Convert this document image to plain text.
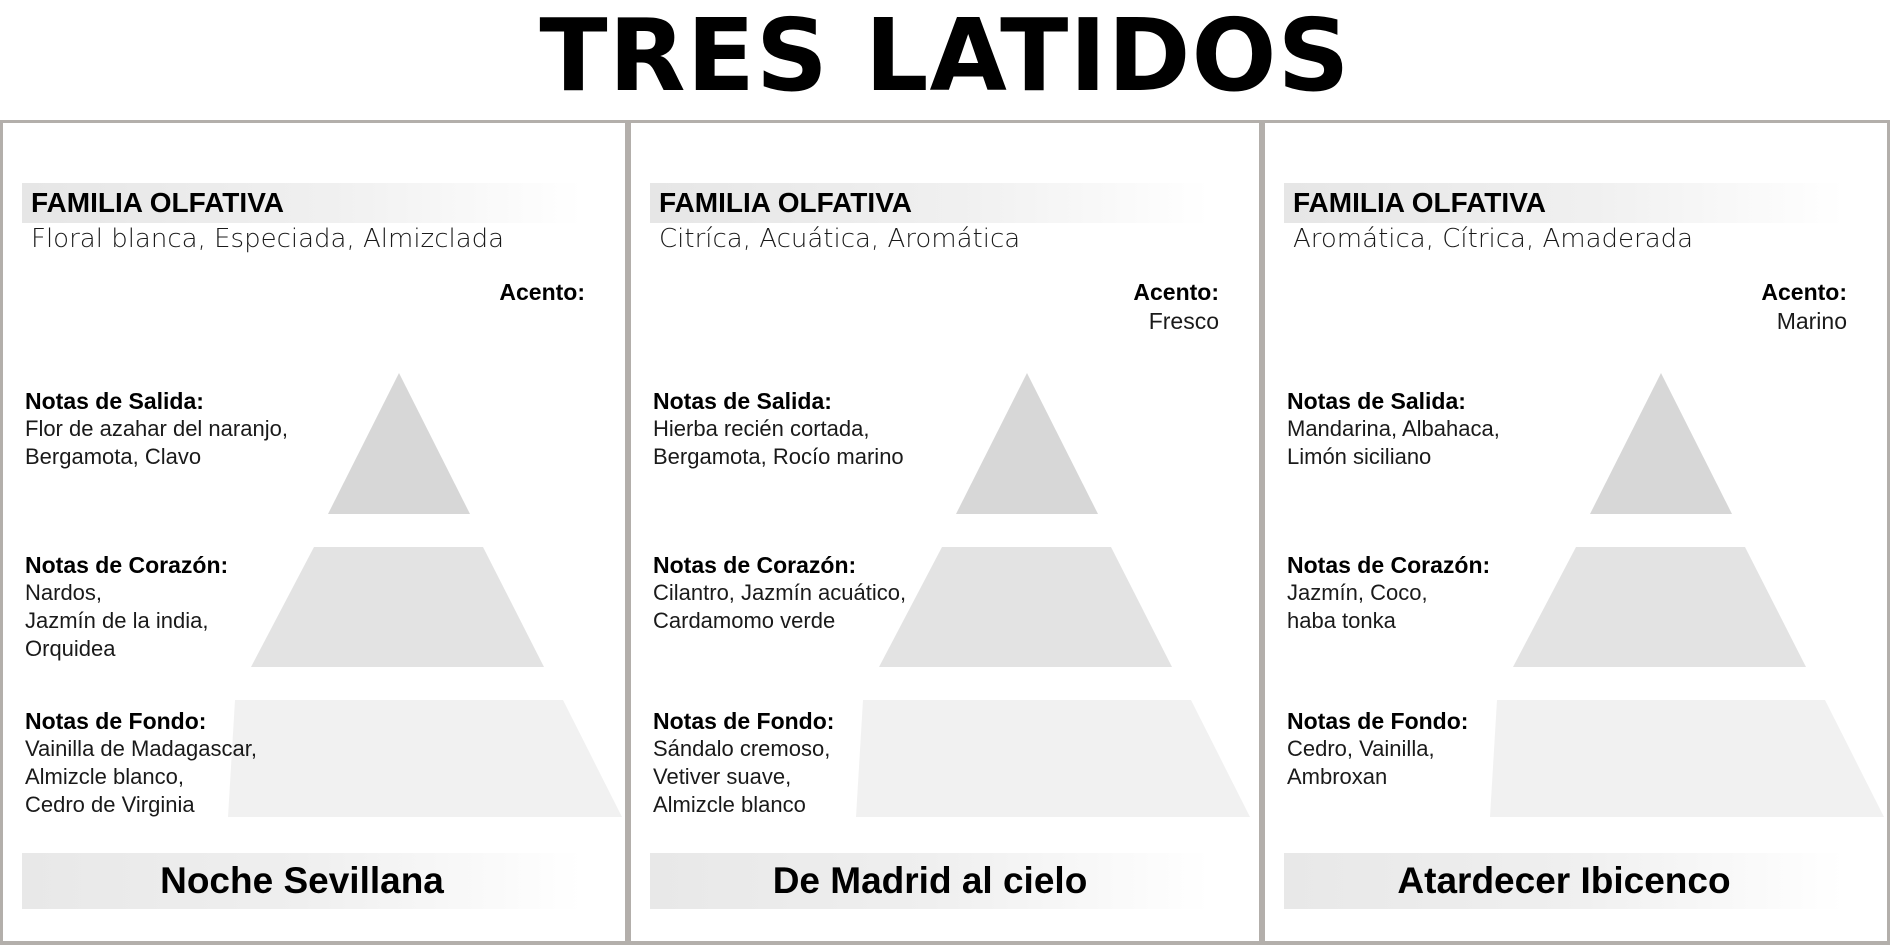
TRES LATIDOS
FAMILIA OLFATIVA
Floral blanca, Especiada, Almizclada
Acento:
Notas de Salida:
Flor de azahar del naranjo,
Bergamota, Clavo
Notas de Corazón:
Nardos,
Jazmín de la india,
Orquidea
Notas de Fondo:
Vainilla de Madagascar,
Almizcle blanco,
Cedro de Virginia
Noche Sevillana
FAMILIA OLFATIVA
Citríca, Acuática, Aromática
Acento:
Fresco
Notas de Salida:
Hierba recién cortada,
Bergamota, Rocío marino
Notas de Corazón:
Cilantro, Jazmín acuático,
Cardamomo verde
Notas de Fondo:
Sándalo cremoso,
Vetiver suave,
Almizcle blanco
De Madrid al cielo
FAMILIA OLFATIVA
Aromática, Cítrica, Amaderada
Acento:
Marino
Notas de Salida:
Mandarina, Albahaca,
Limón siciliano
Notas de Corazón:
Jazmín, Coco,
haba tonka
Notas de Fondo:
Cedro, Vainilla,
Ambroxan
Atardecer Ibicenco
